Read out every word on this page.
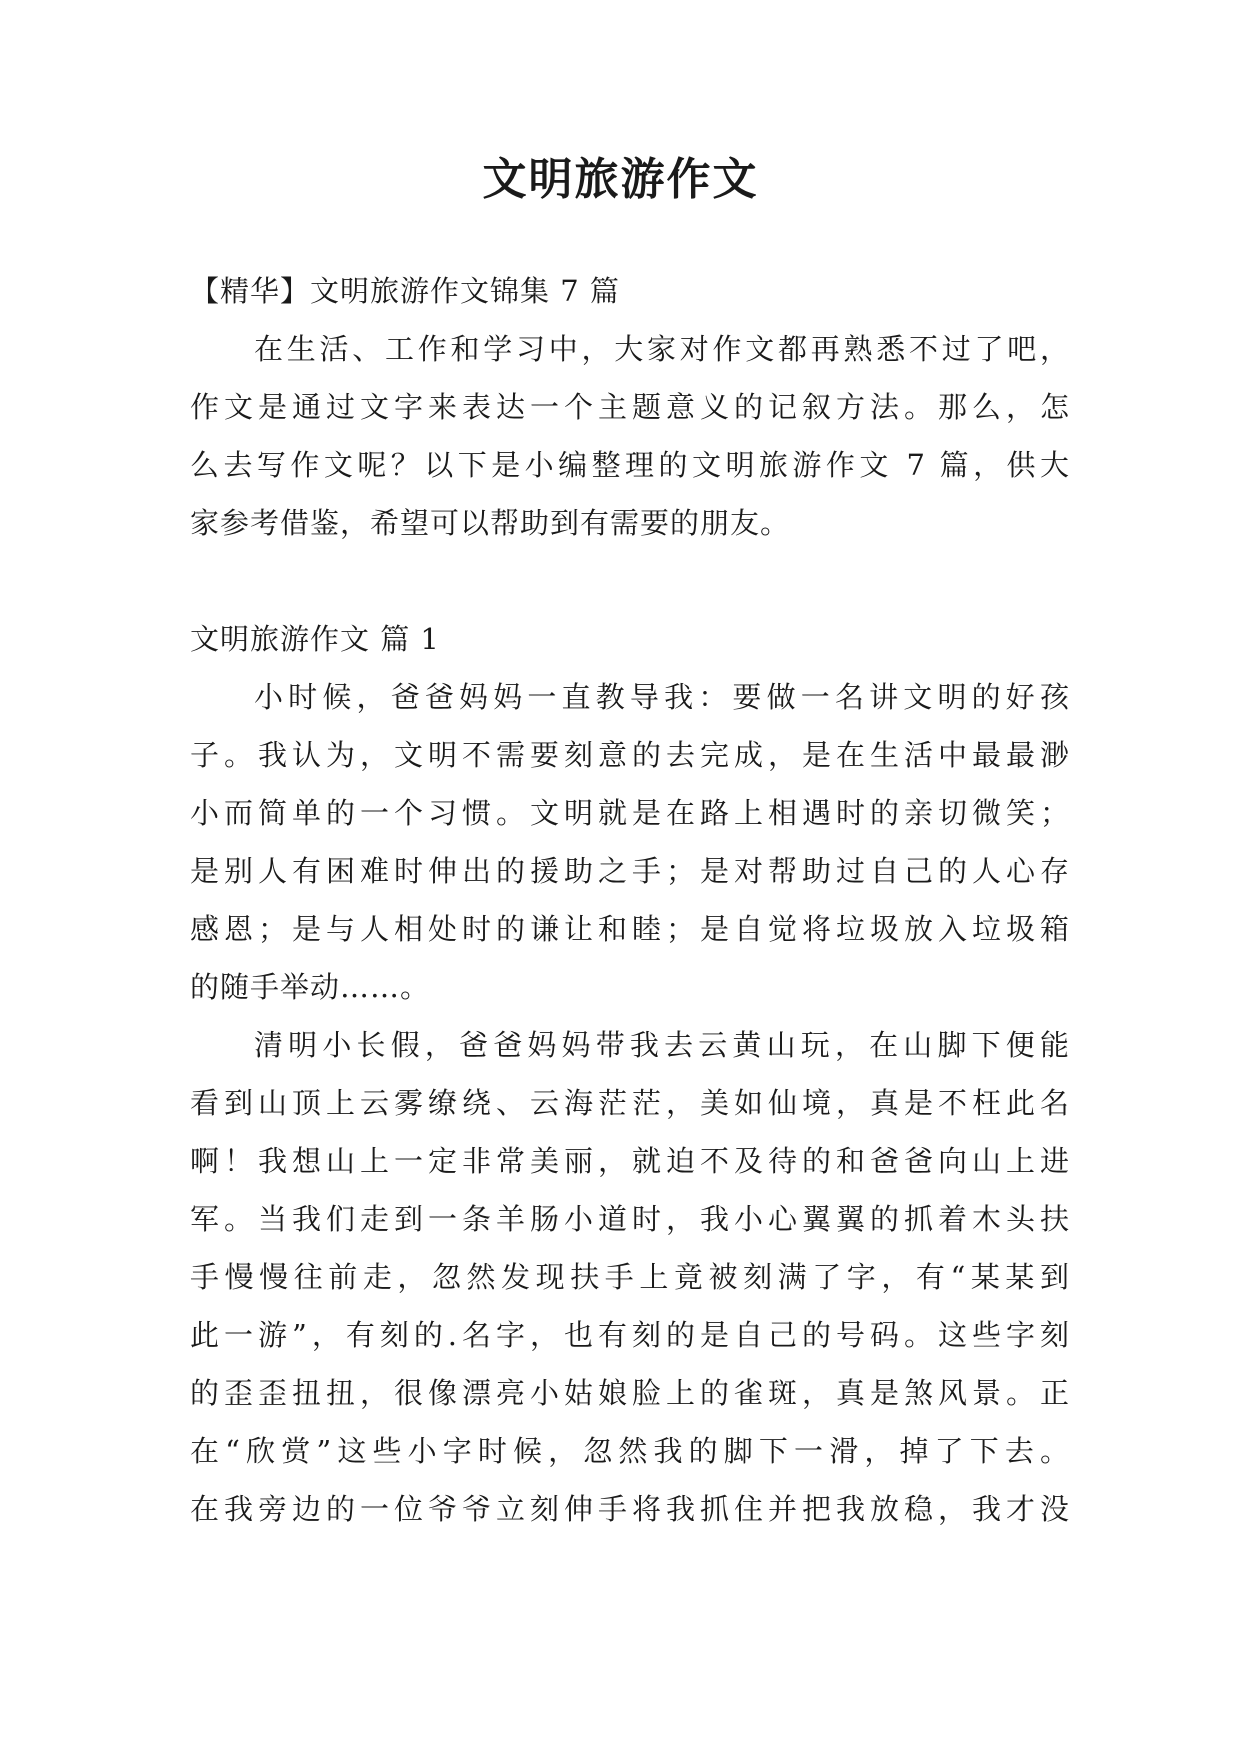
文明旅游作文
【精华】文明旅游作文锦集 7 篇
在生活、工作和学习中，大家对作文都再熟悉不过了吧，
作文是通过文字来表达一个主题意义的记叙方法。那么，怎
么去写作文呢？以下是小编整理的文明旅游作文 7 篇，供大
家参考借鉴，希望可以帮助到有需要的朋友。
文明旅游作文 篇 1
小时候，爸爸妈妈一直教导我：要做一名讲文明的好孩
子。我认为，文明不需要刻意的去完成，是在生活中最最渺
小而简单的一个习惯。文明就是在路上相遇时的亲切微笑；
是别人有困难时伸出的援助之手；是对帮助过自己的人心存
感恩；是与人相处时的谦让和睦；是自觉将垃圾放入垃圾箱
的随手举动……。
清明小长假，爸爸妈妈带我去云黄山玩，在山脚下便能
看到山顶上云雾缭绕、云海茫茫，美如仙境，真是不枉此名
啊！我想山上一定非常美丽，就迫不及待的和爸爸向山上进
军。当我们走到一条羊肠小道时，我小心翼翼的抓着木头扶
手慢慢往前走，忽然发现扶手上竟被刻满了字，有“某某到
此一游”，有刻的.名字，也有刻的是自己的号码。这些字刻
的歪歪扭扭，很像漂亮小姑娘脸上的雀斑，真是煞风景。正
在“欣赏”这些小字时候，忽然我的脚下一滑，掉了下去。
在我旁边的一位爷爷立刻伸手将我抓住并把我放稳，我才没
